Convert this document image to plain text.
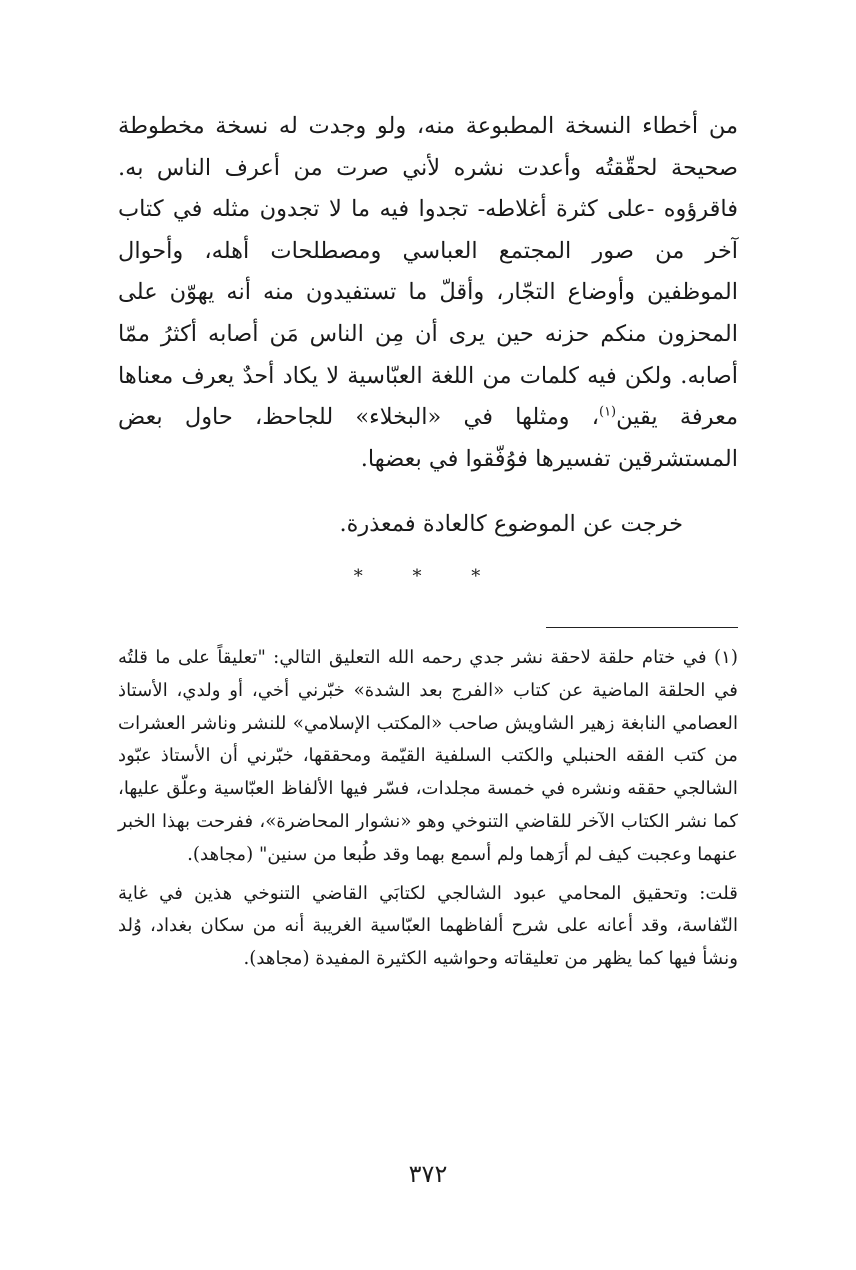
من أخطاء النسخة المطبوعة منه، ولو وجدت له نسخة مخطوطة صحيحة لحقّقتُه وأعدت نشره لأني صرت من أعرف الناس به. فاقرؤوه -على كثرة أغلاطه- تجدوا فيه ما لا تجدون مثله في كتاب آخر من صور المجتمع العباسي ومصطلحات أهله، وأحوال الموظفين وأوضاع التجّار، وأقلّ ما تستفيدون منه أنه يهوّن على المحزون منكم حزنه حين يرى أن مِن الناس مَن أصابه أكثرُ ممّا أصابه. ولكن فيه كلمات من اللغة العبّاسية لا يكاد أحدٌ يعرف معناها معرفة يقين$^{(١)}$، ومثلها في «البخلاء» للجاحظ، حاول بعض المستشرقين تفسيرها فوُفّقوا في بعضها.

خرجت عن الموضوع كالعادة فمعذرة.
* * *

(١) في ختام حلقة لاحقة نشر جدي رحمه الله التعليق التالي: "تعليقاً على ما قلتُه في الحلقة الماضية عن كتاب «الفرج بعد الشدة» خبّرني أخي، أو ولدي، الأستاذ العصامي النابغة زهير الشاويش صاحب «المكتب الإسلامي» للنشر وناشر العشرات من كتب الفقه الحنبلي والكتب السلفية القيّمة ومحققها، خبّرني أن الأستاذ عبّود الشالجي حققه ونشره في خمسة مجلدات، فسّر فيها الألفاظ العبّاسية وعلّق عليها، كما نشر الكتاب الآخر للقاضي التنوخي وهو «نشوار المحاضرة»، ففرحت بهذا الخبر عنهما وعجبت كيف لم أرَهما ولم أسمع بهما وقد طُبعا من سنين" (مجاهد).

قلت: وتحقيق المحامي عبود الشالجي لكتابَي القاضي التنوخي هذين في غاية النّفاسة، وقد أعانه على شرح ألفاظهما العبّاسية الغريبة أنه من سكان بغداد، وُلد ونشأ فيها كما يظهر من تعليقاته وحواشيه الكثيرة المفيدة (مجاهد).

٣٧٢
